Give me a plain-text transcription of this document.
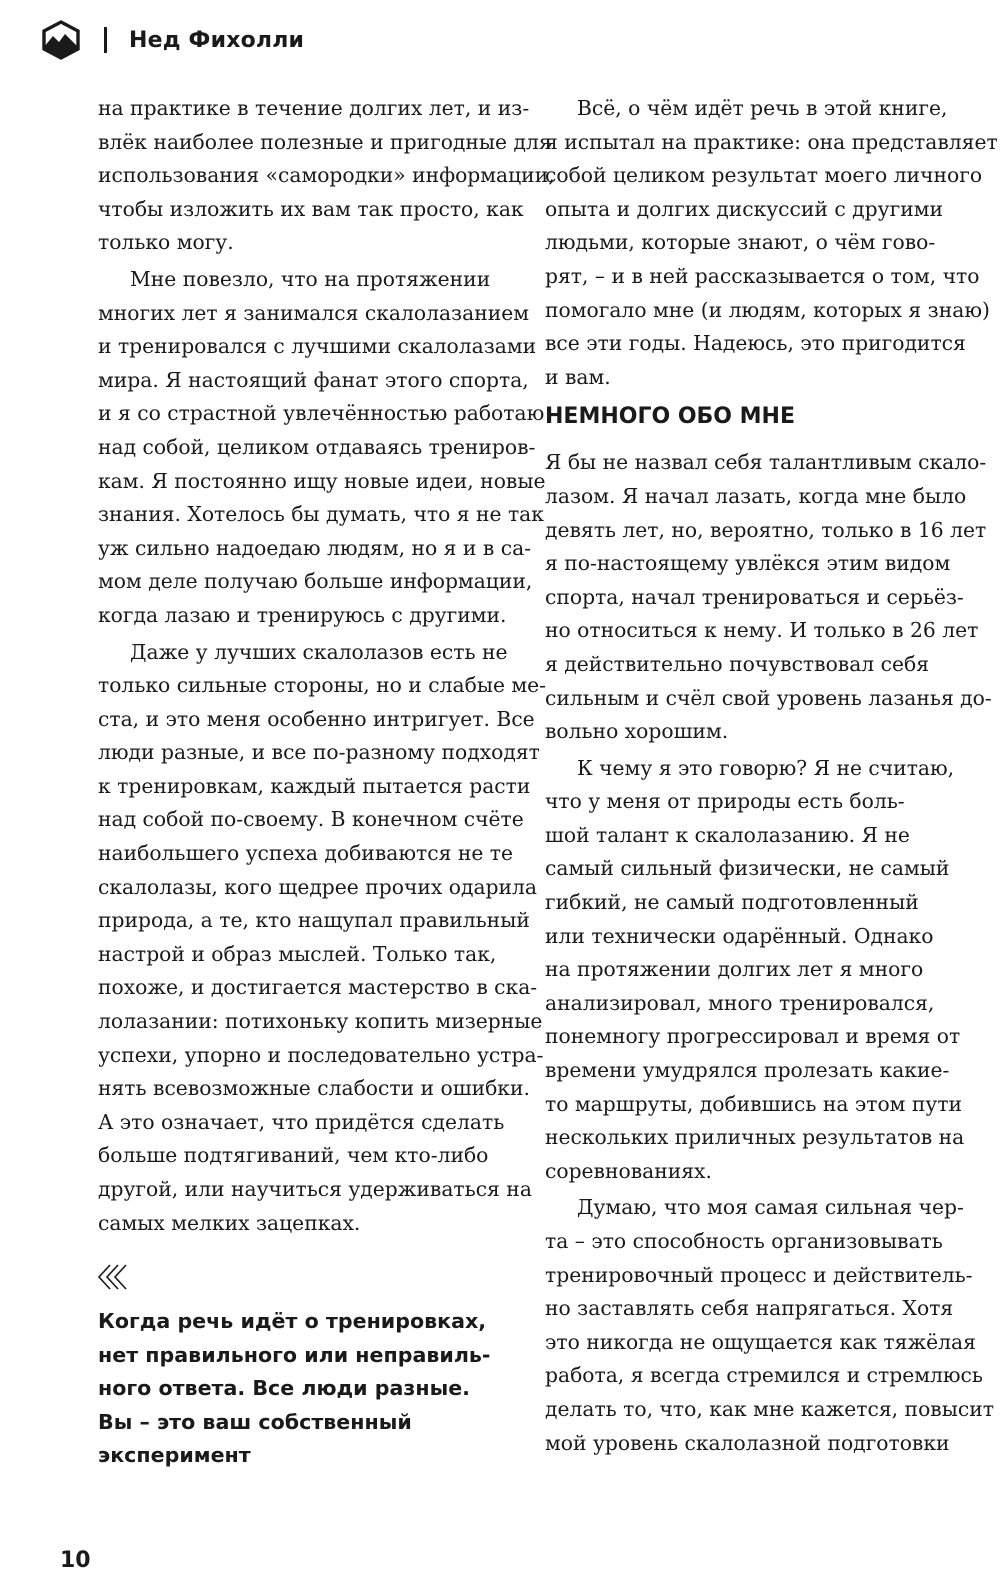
Нед Фихолли
на практике в течение долгих лет, и из-
влёк наиболее полезные и пригодные для
использования «самородки» информации,
чтобы изложить их вам так просто, как
только могу.
Мне повезло, что на протяжении
многих лет я занимался скалолазанием
и тренировался с лучшими скалолазами
мира. Я настоящий фанат этого спорта,
и я со страстной увлечённостью работаю
над собой, целиком отдаваясь трениров-
кам. Я постоянно ищу новые идеи, новые
знания. Хотелось бы думать, что я не так
уж сильно надоедаю людям, но я и в са-
мом деле получаю больше информации,
когда лазаю и тренируюсь с другими.
Даже у лучших скалолазов есть не
только сильные стороны, но и слабые ме-
ста, и это меня особенно интригует. Все
люди разные, и все по-разному подходят
к тренировкам, каждый пытается расти
над собой по-своему. В конечном счёте
наибольшего успеха добиваются не те
скалолазы, кого щедрее прочих одарила
природа, а те, кто нащупал правильный
настрой и образ мыслей. Только так,
похоже, и достигается мастерство в ска-
лолазании: потихоньку копить мизерные
успехи, упорно и последовательно устра-
нять всевозможные слабости и ошибки.
А это означает, что придётся сделать
больше подтягиваний, чем кто-либо
другой, или научиться удерживаться на
самых мелких зацепках.
Когда речь идёт о тренировках,
нет правильного или неправиль-
ного ответа. Все люди разные.
Вы – это ваш собственный
эксперимент
Всё, о чём идёт речь в этой книге,
я испытал на практике: она представляет
собой целиком результат моего личного
опыта и долгих дискуссий с другими
людьми, которые знают, о чём гово-
рят, – и в ней рассказывается о том, что
помогало мне (и людям, которых я знаю)
все эти годы. Надеюсь, это пригодится
и вам.
НЕМНОГО ОБО МНЕ
Я бы не назвал себя талантливым скало-
лазом. Я начал лазать, когда мне было
девять лет, но, вероятно, только в 16 лет
я по-настоящему увлёкся этим видом
спорта, начал тренироваться и серьёз-
но относиться к нему. И только в 26 лет
я действительно почувствовал себя
сильным и счёл свой уровень лазанья до-
вольно хорошим.
К чему я это говорю? Я не считаю,
что у меня от природы есть боль-
шой талант к скалолазанию. Я не
самый сильный физически, не самый
гибкий, не самый подготовленный
или технически одарённый. Однако
на протяжении долгих лет я много
анализировал, много тренировался,
понемногу прогрессировал и время от
времени умудрялся пролезать какие-
то маршруты, добившись на этом пути
нескольких приличных результатов на
соревнованиях.
Думаю, что моя самая сильная чер-
та – это способность организовывать
тренировочный процесс и действитель-
но заставлять себя напрягаться. Хотя
это никогда не ощущается как тяжёлая
работа, я всегда стремился и стремлюсь
делать то, что, как мне кажется, повысит
мой уровень скалолазной подготовки
10
